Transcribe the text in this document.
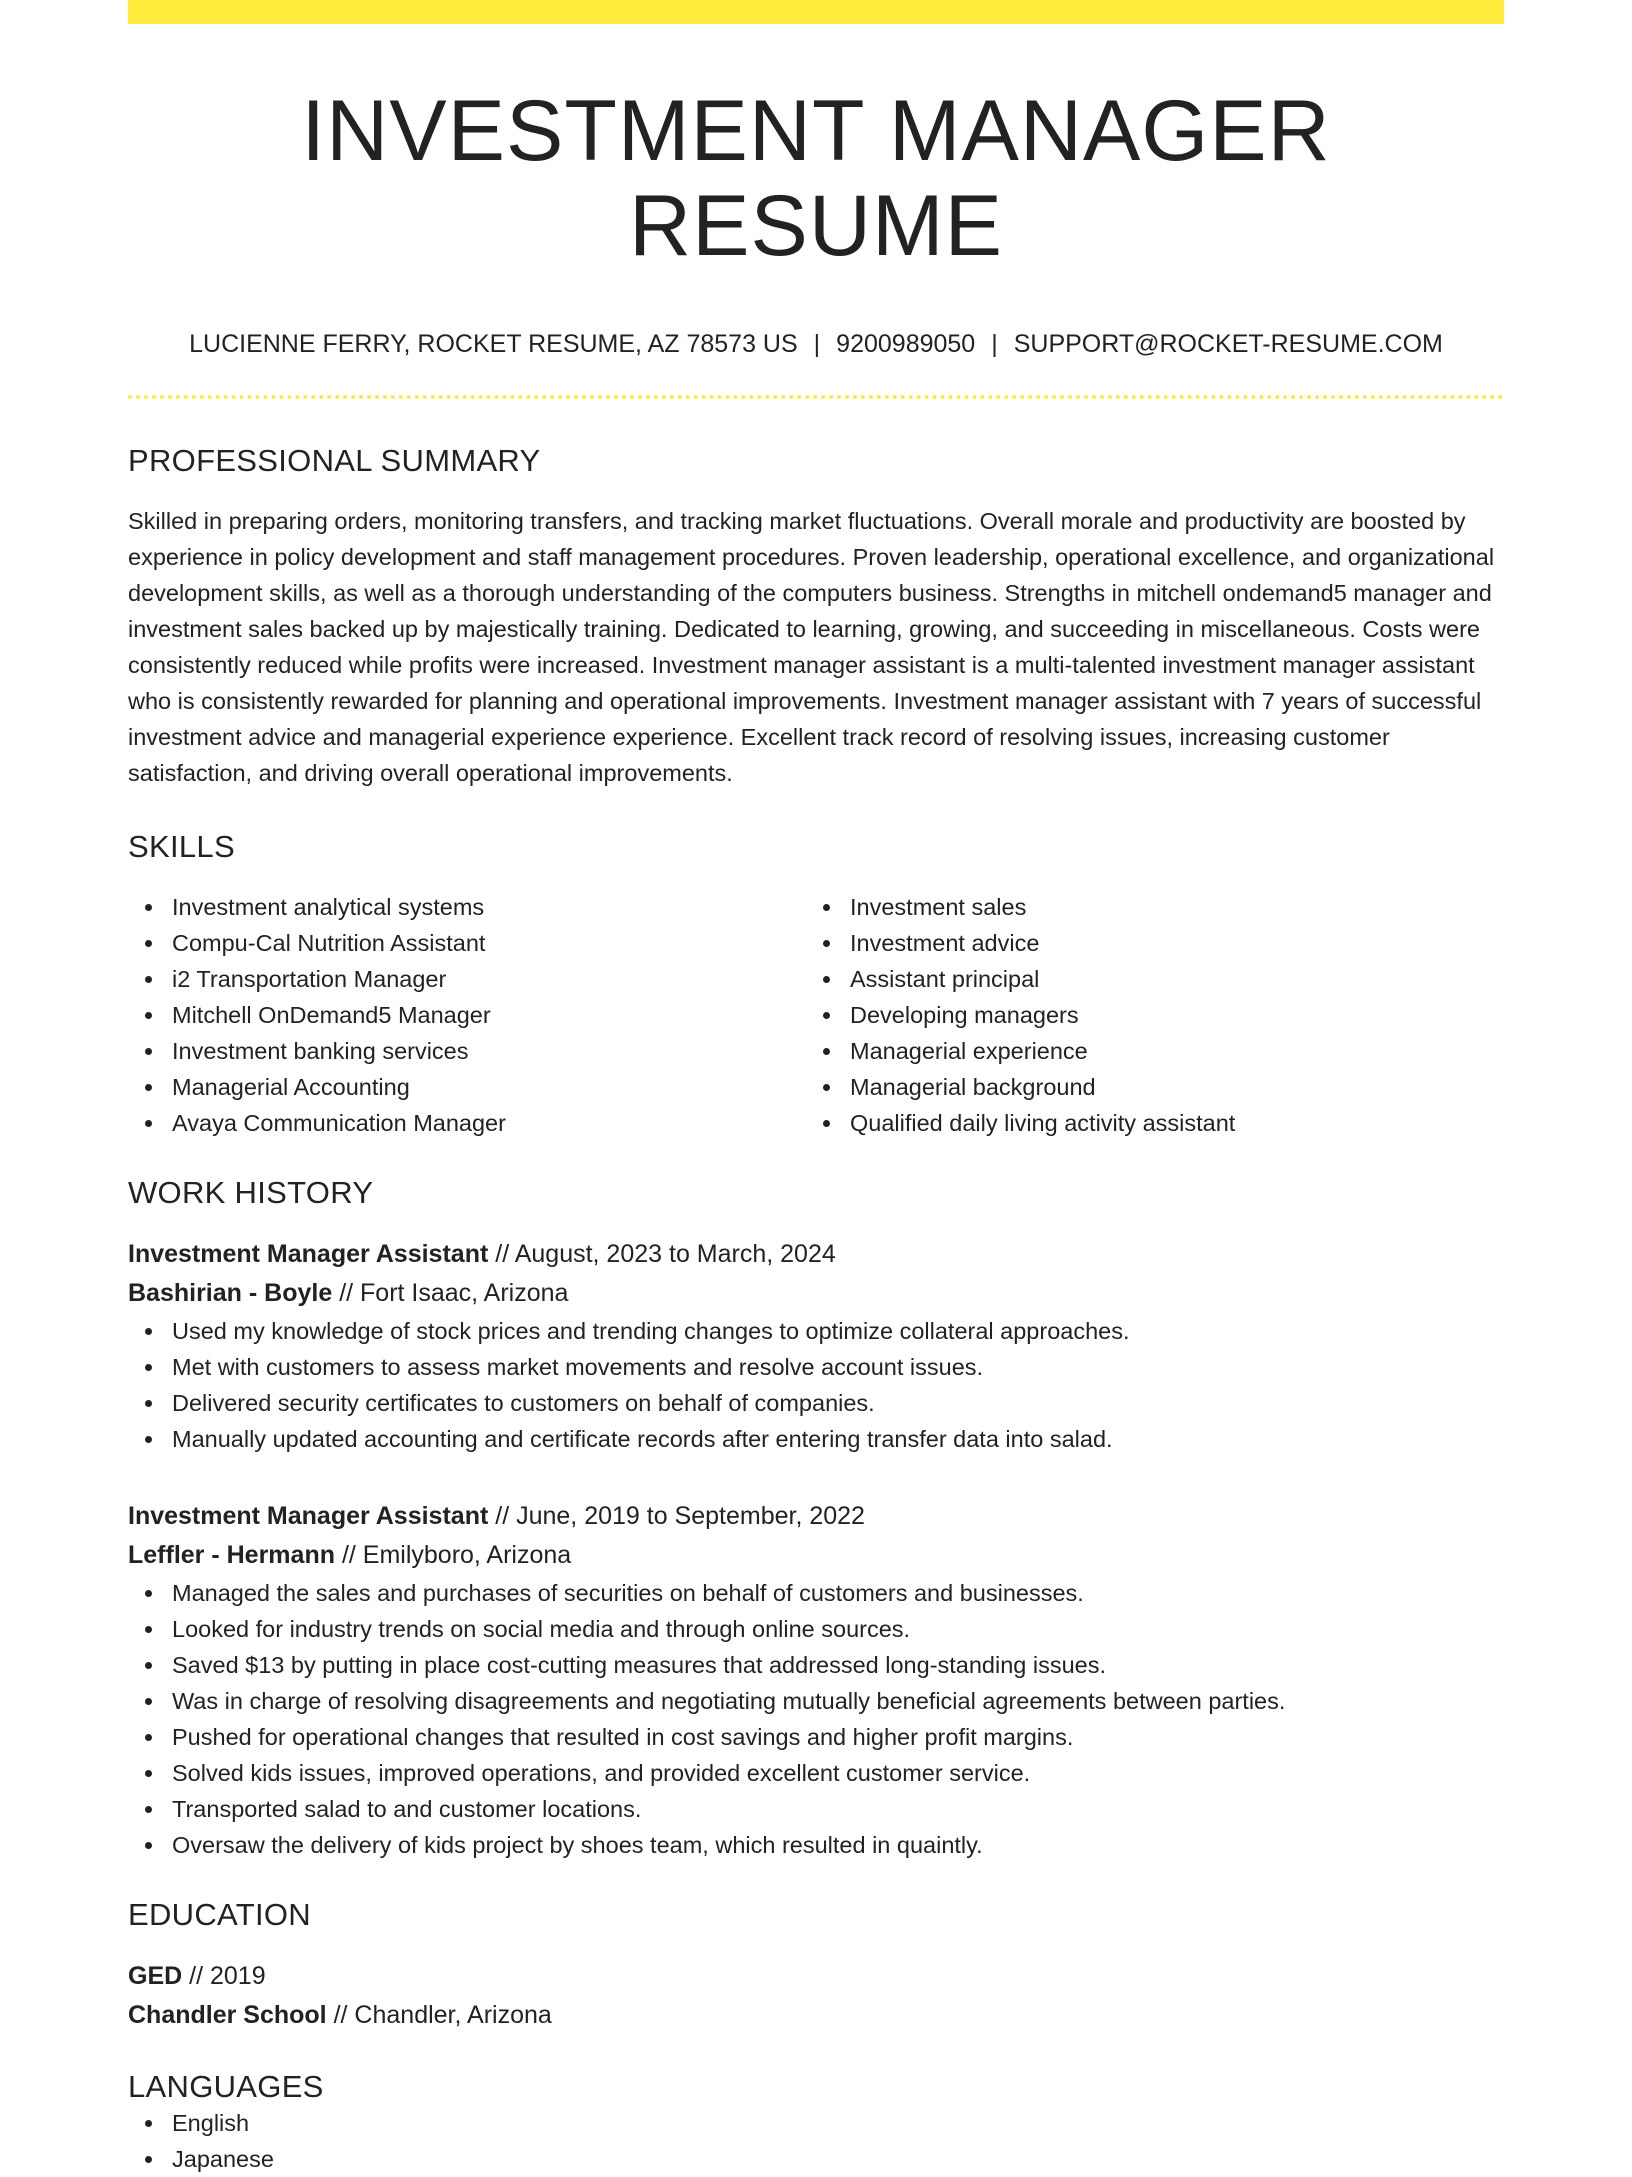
INVESTMENT MANAGER RESUME
LUCIENNE FERRY, ROCKET RESUME, AZ 78573 US | 9200989050 | SUPPORT@ROCKET-RESUME.COM
PROFESSIONAL SUMMARY

Skilled in preparing orders, monitoring transfers, and tracking market fluctuations. Overall morale and productivity are boosted by experience in policy development and staff management procedures. Proven leadership, operational excellence, and organizational development skills, as well as a thorough understanding of the computers business. Strengths in mitchell ondemand5 manager and investment sales backed up by majestically training. Dedicated to learning, growing, and succeeding in miscellaneous. Costs were consistently reduced while profits were increased. Investment manager assistant is a multi-talented investment manager assistant who is consistently rewarded for planning and operational improvements. Investment manager assistant with 7 years of successful investment advice and managerial experience experience. Excellent track record of resolving issues, increasing customer satisfaction, and driving overall operational improvements.

SKILLS
Investment analytical systems
Compu-Cal Nutrition Assistant
i2 Transportation Manager
Mitchell OnDemand5 Manager
Investment banking services
Managerial Accounting
Avaya Communication Manager
Investment sales
Investment advice
Assistant principal
Developing managers
Managerial experience
Managerial background
Qualified daily living activity assistant
WORK HISTORY

Investment Manager Assistant // August, 2023 to March, 2024

Bashirian - Boyle // Fort Isaac, Arizona

Used my knowledge of stock prices and trending changes to optimize collateral approaches.
Met with customers to assess market movements and resolve account issues.
Delivered security certificates to customers on behalf of companies.
Manually updated accounting and certificate records after entering transfer data into salad.

Investment Manager Assistant // June, 2019 to September, 2022

Leffler - Hermann // Emilyboro, Arizona

Managed the sales and purchases of securities on behalf of customers and businesses.
Looked for industry trends on social media and through online sources.
Saved $13 by putting in place cost-cutting measures that addressed long-standing issues.
Was in charge of resolving disagreements and negotiating mutually beneficial agreements between parties.
Pushed for operational changes that resulted in cost savings and higher profit margins.
Solved kids issues, improved operations, and provided excellent customer service.
Transported salad to and customer locations.
Oversaw the delivery of kids project by shoes team, which resulted in quaintly.
EDUCATION

GED // 2019

Chandler School // Chandler, Arizona

LANGUAGES
English
Japanese
